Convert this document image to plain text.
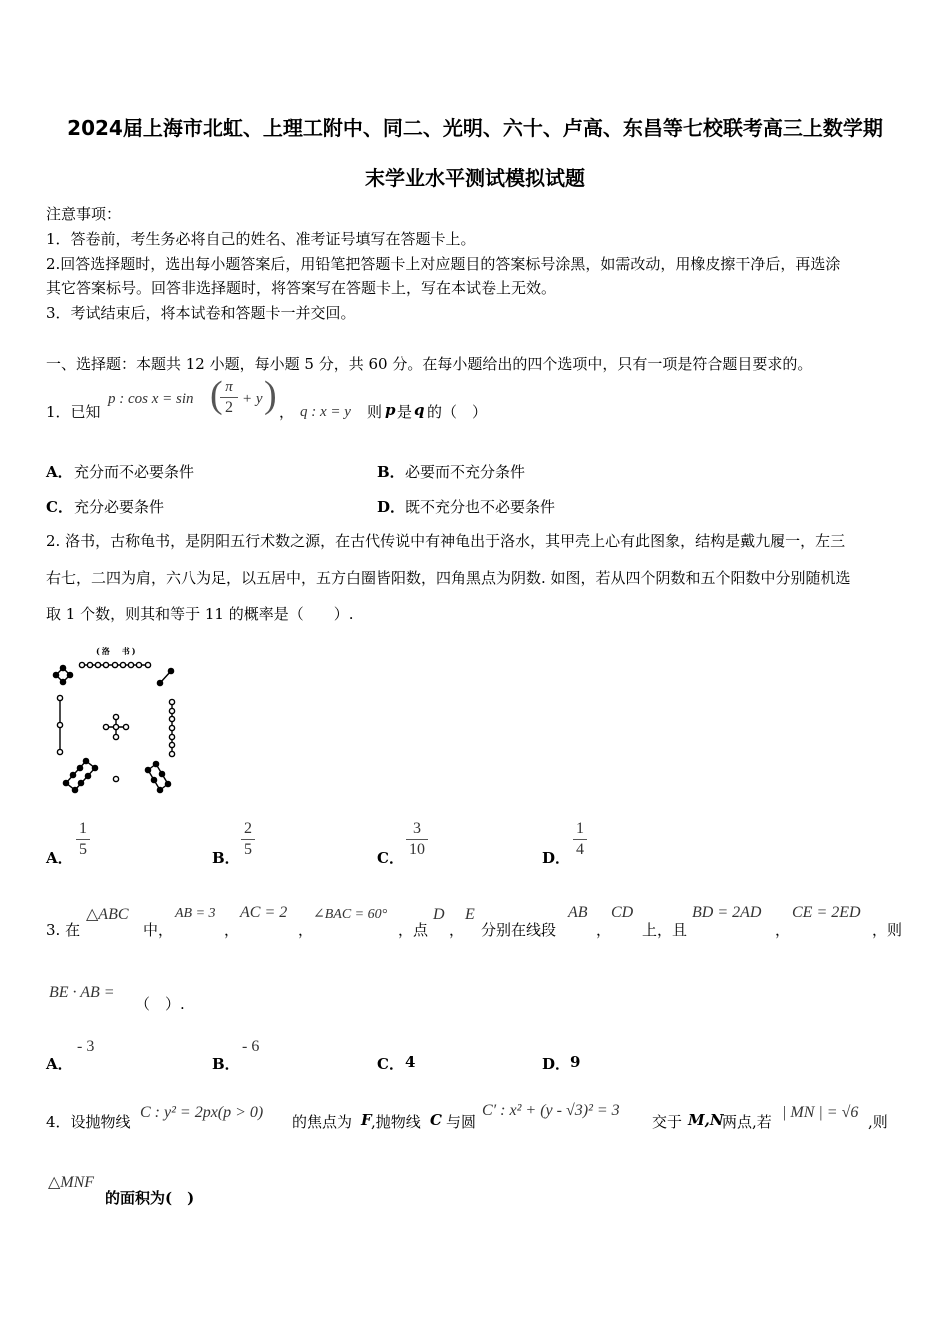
2024届上海市北虹、上理工附中、同二、光明、六十、卢高、东昌等七校联考高三上数学期
末学业水平测试模拟试题
注意事项：
1．答卷前，考生务必将自己的姓名、准考证号填写在答题卡上。
2.回答选择题时，选出每小题答案后，用铅笔把答题卡上对应题目的答案标号涂黑，如需改动，用橡皮擦干净后，再选涂
其它答案标号。回答非选择题时，将答案写在答题卡上，写在本试卷上无效。
3．考试结束后，将本试卷和答题卡一并交回。
一、选择题：本题共 12 小题，每小题 5 分，共 60 分。在每小题给出的四个选项中，只有一项是符合题目要求的。
1．已知
p : cos x = sin ( π
2 + y ) ， q : x = y 则 p 是 q 的（　）
A． 充分而不必要条件	B． 必要而不充分条件
C． 充分必要条件	D． 既不充分也不必要条件
2. 洛书，古称龟书，是阴阳五行术数之源，在古代传说中有神龟出于洛水，其甲壳上心有此图象，结构是戴九履一，左三
右七，二四为肩，六八为足，以五居中，五方白圈皆阳数，四角黑点为阴数. 如图，若从四个阴数和五个阳数中分别随机选
取 1 个数，则其和等于 11 的概率是（　　）.
(洛　书)
A．
1
5	B．
2
5	C．
3
10	D．
1
4
3. 在
△ABC
中，
AB = 3
，
AC = 2
，
∠BAC = 60°
，点
D
，
E
分别在线段
AB
，
CD
上，且
BD = 2AD
，
CE = 2ED
，则
BE · AB =
（　）.
A．
- 3
B．
- 6
C． 4	D． 9
4．设抛物线
C : y² = 2px(p > 0)
的焦点为 F ,抛物线 C 与圆
C′ : x² + (y - √3)² = 3
交于 M,N
两点,若
| MN | = √6
,则
△MNF
的面积为(　)
